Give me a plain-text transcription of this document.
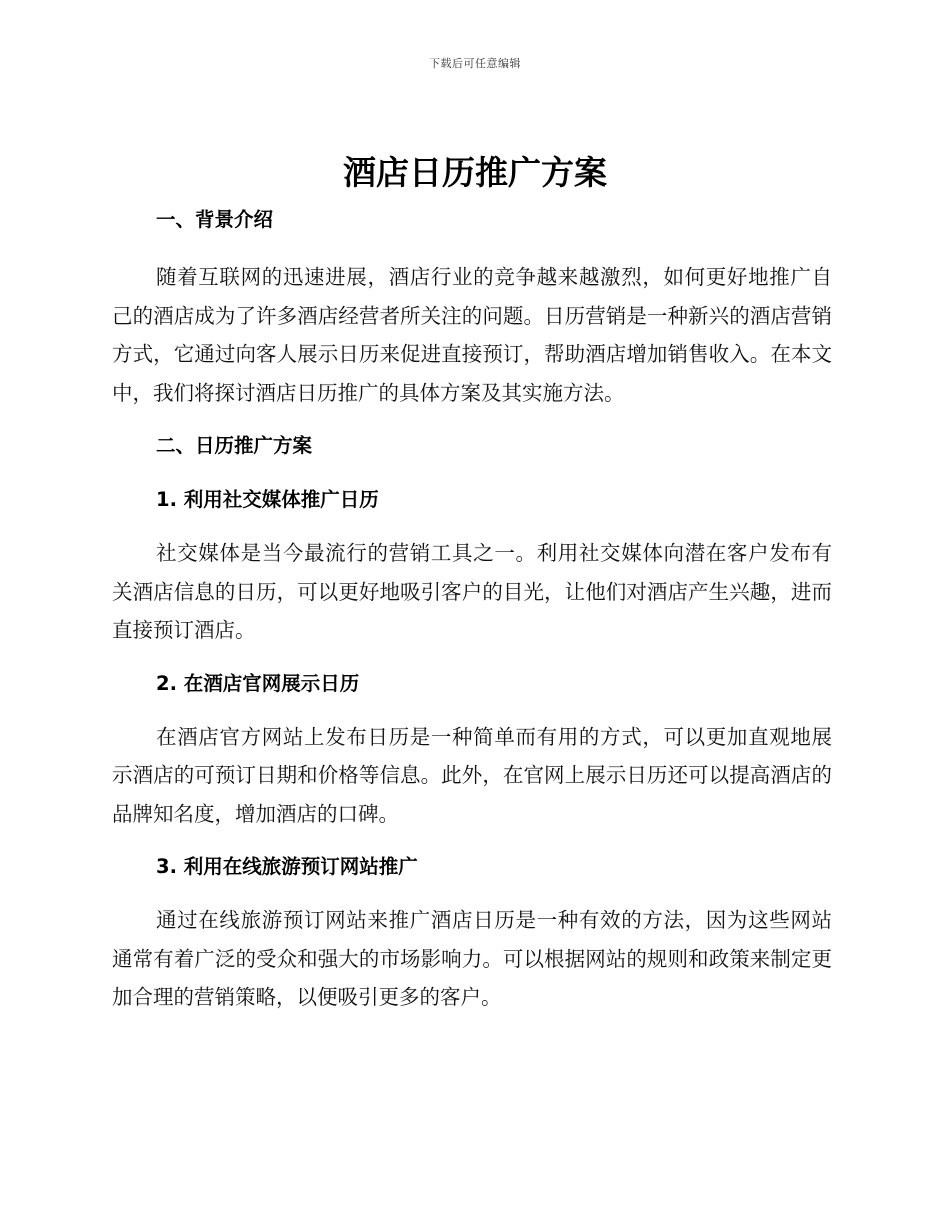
下载后可任意编辑
酒店日历推广方案

一、背景介绍

随着互联网的迅速进展，酒店行业的竞争越来越激烈，如何更好地推广自己的酒店成为了许多酒店经营者所关注的问题。日历营销是一种新兴的酒店营销方式，它通过向客人展示日历来促进直接预订，帮助酒店增加销售收入。在本文中，我们将探讨酒店日历推广的具体方案及其实施方法。

二、日历推广方案

1. 利用社交媒体推广日历

社交媒体是当今最流行的营销工具之一。利用社交媒体向潜在客户发布有关酒店信息的日历，可以更好地吸引客户的目光，让他们对酒店产生兴趣，进而直接预订酒店。

2. 在酒店官网展示日历

在酒店官方网站上发布日历是一种简单而有用的方式，可以更加直观地展示酒店的可预订日期和价格等信息。此外，在官网上展示日历还可以提高酒店的品牌知名度，增加酒店的口碑。

3. 利用在线旅游预订网站推广

通过在线旅游预订网站来推广酒店日历是一种有效的方法，因为这些网站通常有着广泛的受众和强大的市场影响力。可以根据网站的规则和政策来制定更加合理的营销策略，以便吸引更多的客户。
